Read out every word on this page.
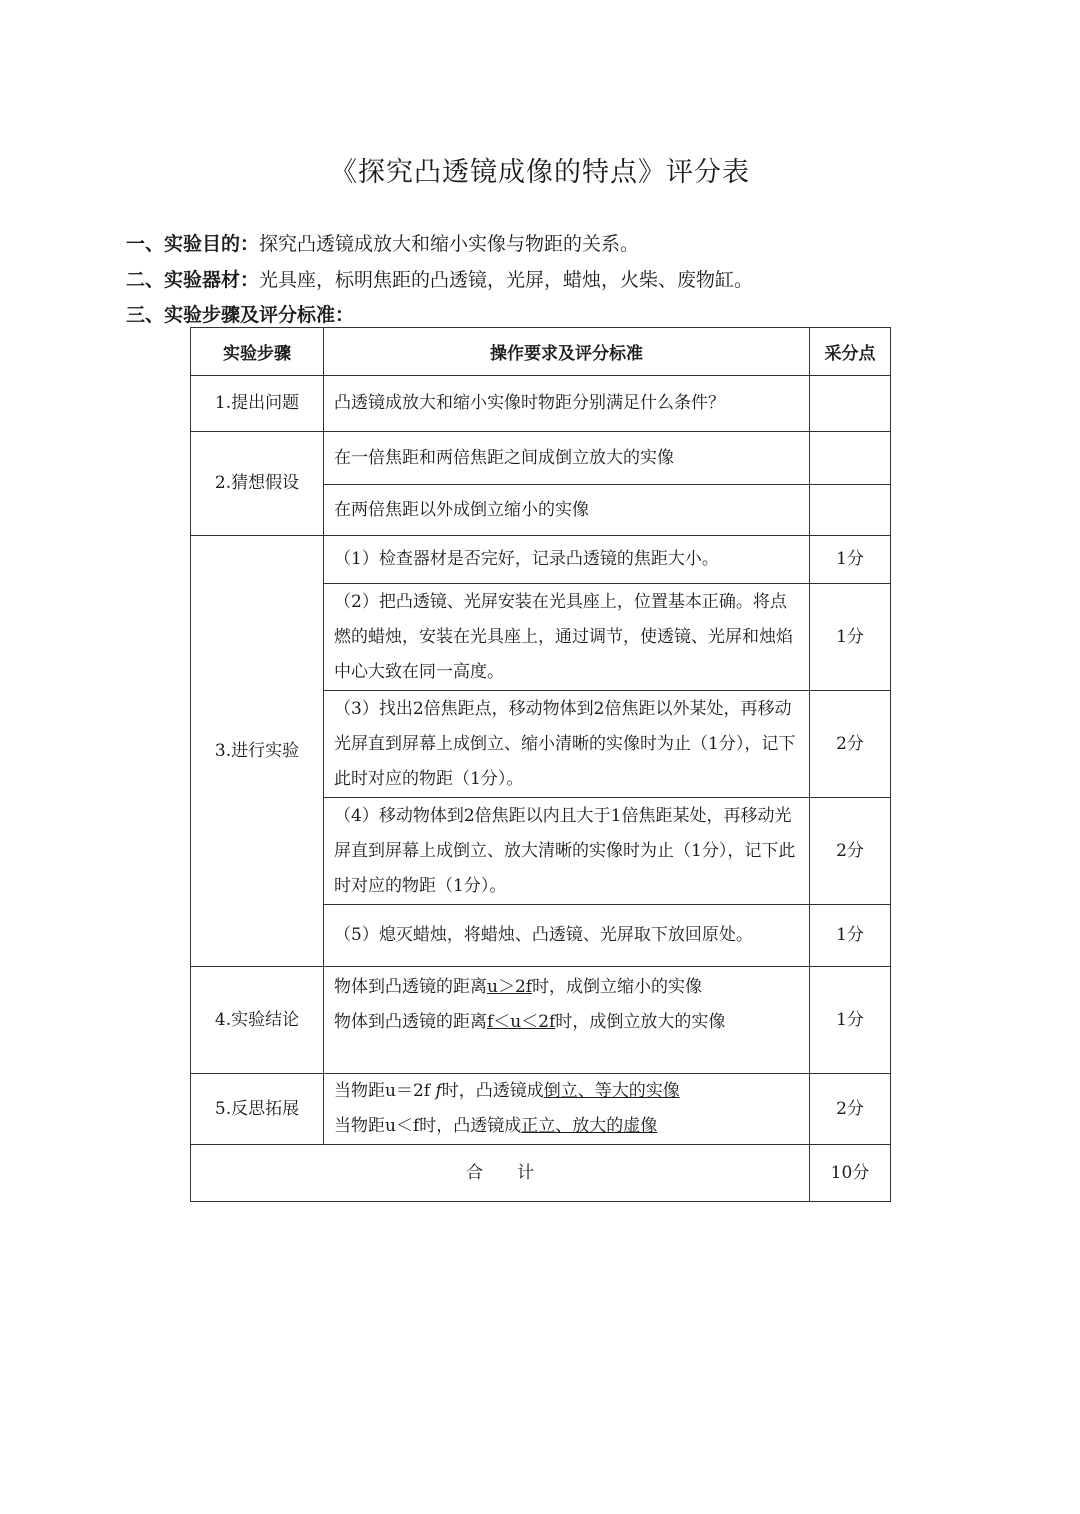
《探究凸透镜成像的特点》评分表
一、实验目的：探究凸透镜成放大和缩小实像与物距的关系。
二、实验器材：光具座，标明焦距的凸透镜，光屏，蜡烛，火柴、废物缸。
三、实验步骤及评分标准：
实验步骤	操作要求及评分标准	采分点
1.提出问题	凸透镜成放大和缩小实像时物距分别满足什么条件？	
2.猜想假设	在一倍焦距和两倍焦距之间成倒立放大的实像	
	在两倍焦距以外成倒立缩小的实像	
3.进行实验	（1）检查器材是否完好，记录凸透镜的焦距大小。	1分
	（2）把凸透镜、光屏安装在光具座上，位置基本正确。将点燃的蜡烛，安装在光具座上，通过调节，使透镜、光屏和烛焰中心大致在同一高度。	1分
	（3）找出2倍焦距点，移动物体到2倍焦距以外某处，再移动光屏直到屏幕上成倒立、缩小清晰的实像时为止（1分），记下此时对应的物距（1分）。	2分
	（4）移动物体到2倍焦距以内且大于1倍焦距某处，再移动光屏直到屏幕上成倒立、放大清晰的实像时为止（1分），记下此时对应的物距（1分）。	2分
	（5）熄灭蜡烛，将蜡烛、凸透镜、光屏取下放回原处。	1分
4.实验结论	物体到凸透镜的距离u＞2f时，成倒立缩小的实像
物体到凸透镜的距离f＜u＜2f时，成倒立放大的实像	1分
5.反思拓展	当物距u＝2f f时，凸透镜成倒立、等大的实像
当物距u＜f时，凸透镜成正立、放大的虚像	2分
合　　计		10分
